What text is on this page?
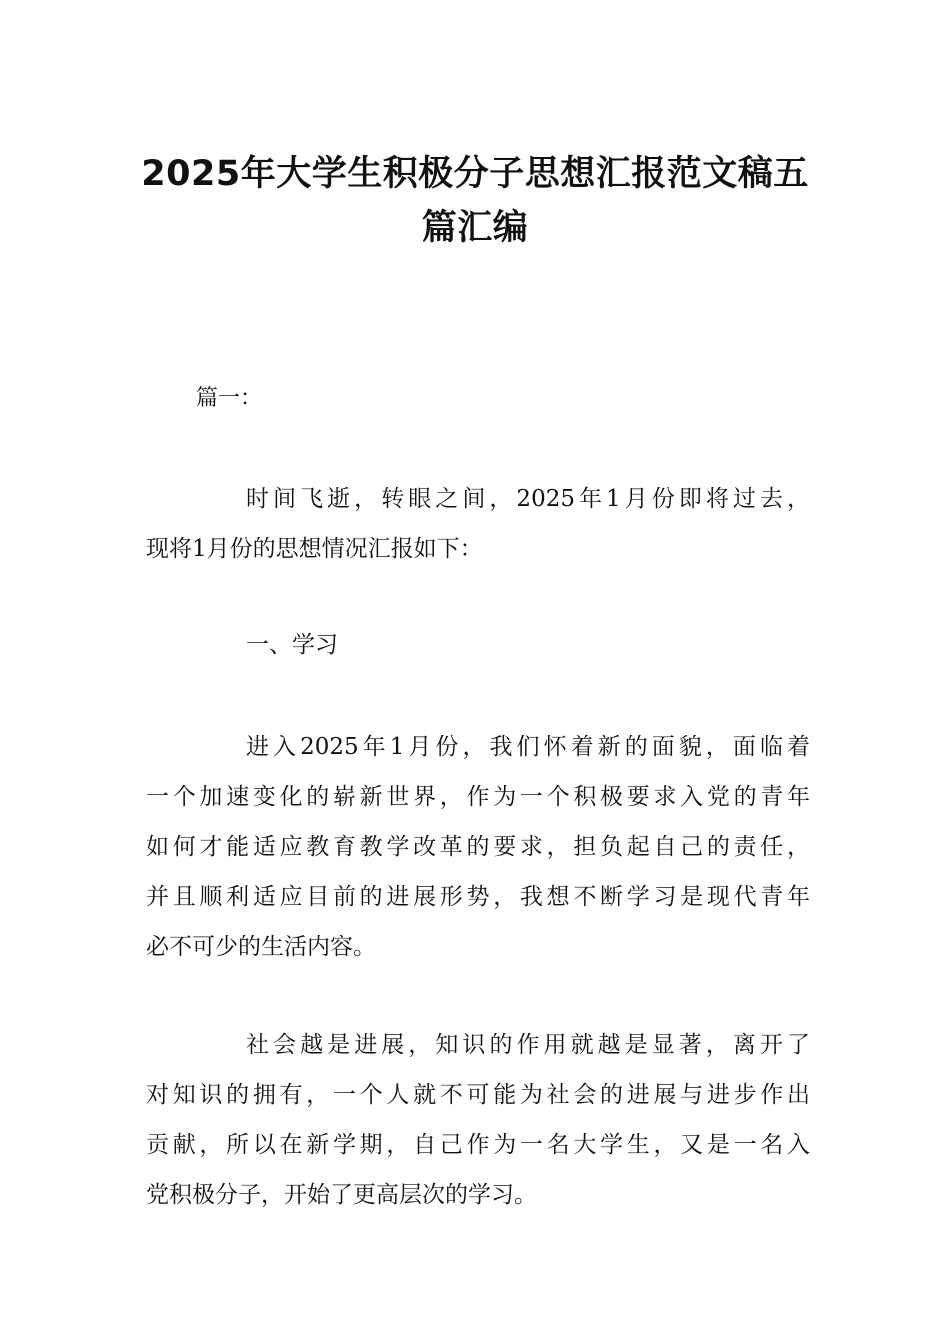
2025年大学生积极分子思想汇报范文稿五
篇汇编
篇一：

时间飞逝，转眼之间，2025年1月份即将过去，
现将1月份的思想情况汇报如下：

一、学习

进入2025年1月份，我们怀着新的面貌，面临着
一个加速变化的崭新世界，作为一个积极要求入党的青年
如何才能适应教育教学改革的要求，担负起自己的责任，
并且顺利适应目前的进展形势，我想不断学习是现代青年
必不可少的生活内容。

社会越是进展，知识的作用就越是显著，离开了
对知识的拥有，一个人就不可能为社会的进展与进步作出
贡献，所以在新学期，自己作为一名大学生，又是一名入
党积极分子，开始了更高层次的学习。
